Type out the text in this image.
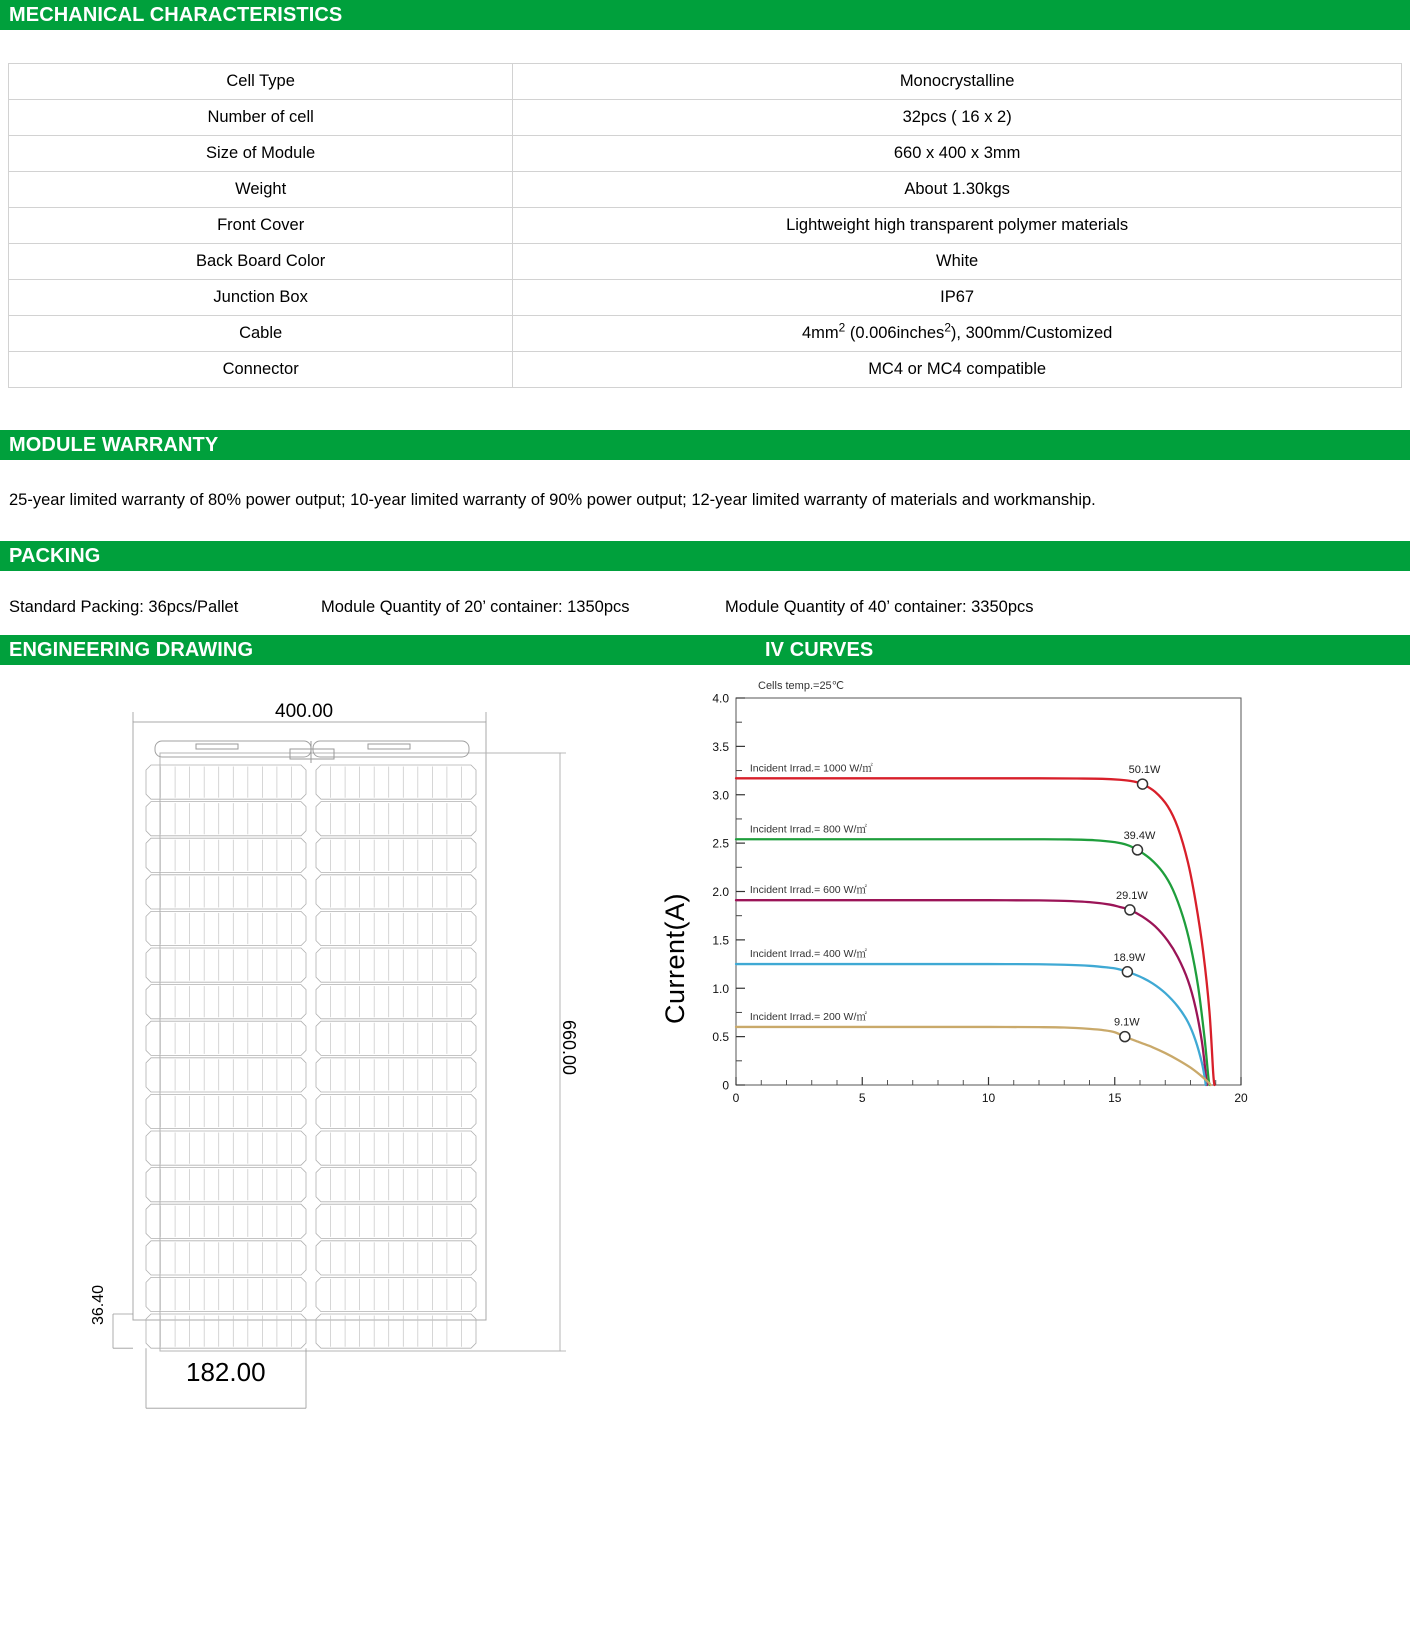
MECHANICAL CHARACTERISTICS
Cell Type	Monocrystalline
Number of cell	32pcs ( 16 x 2)
Size of Module	660 x 400 x 3mm
Weight	About 1.30kgs
Front Cover	Lightweight high transparent polymer materials
Back Board Color	White
Junction Box	IP67
Cable	$4mm^2$ (0.006inches$^2$), 300mm/Customized
Connector	MC4 or MC4 compatible
MODULE WARRANTY
25-year limited warranty of 80% power output; 10-year limited warranty of 90% power output; 12-year limited warranty of materials and workmanship.
PACKING
Standard Packing: 36pcs/Pallet	Module Quantity of 20’ container: 1350pcs	Module Quantity of 40’ container: 3350pcs
ENGINEERING DRAWING	IV CURVES
400.00
660.00
36.40
182.00
0
0.5
1.0
1.5
2.0
2.5
3.0
3.5
4.0
0	5	10	15	20
Incident Irrad.= 1000 W/㎡	50.1W
Incident Irrad.= 800 W/㎡
39.4W
Incident Irrad.= 600 W/㎡	29.1W
Incident Irrad.= 400 W/㎡	18.9W
Incident Irrad.= 200 W/㎡	9.1W
Cells temp.=25℃
Current(A)
